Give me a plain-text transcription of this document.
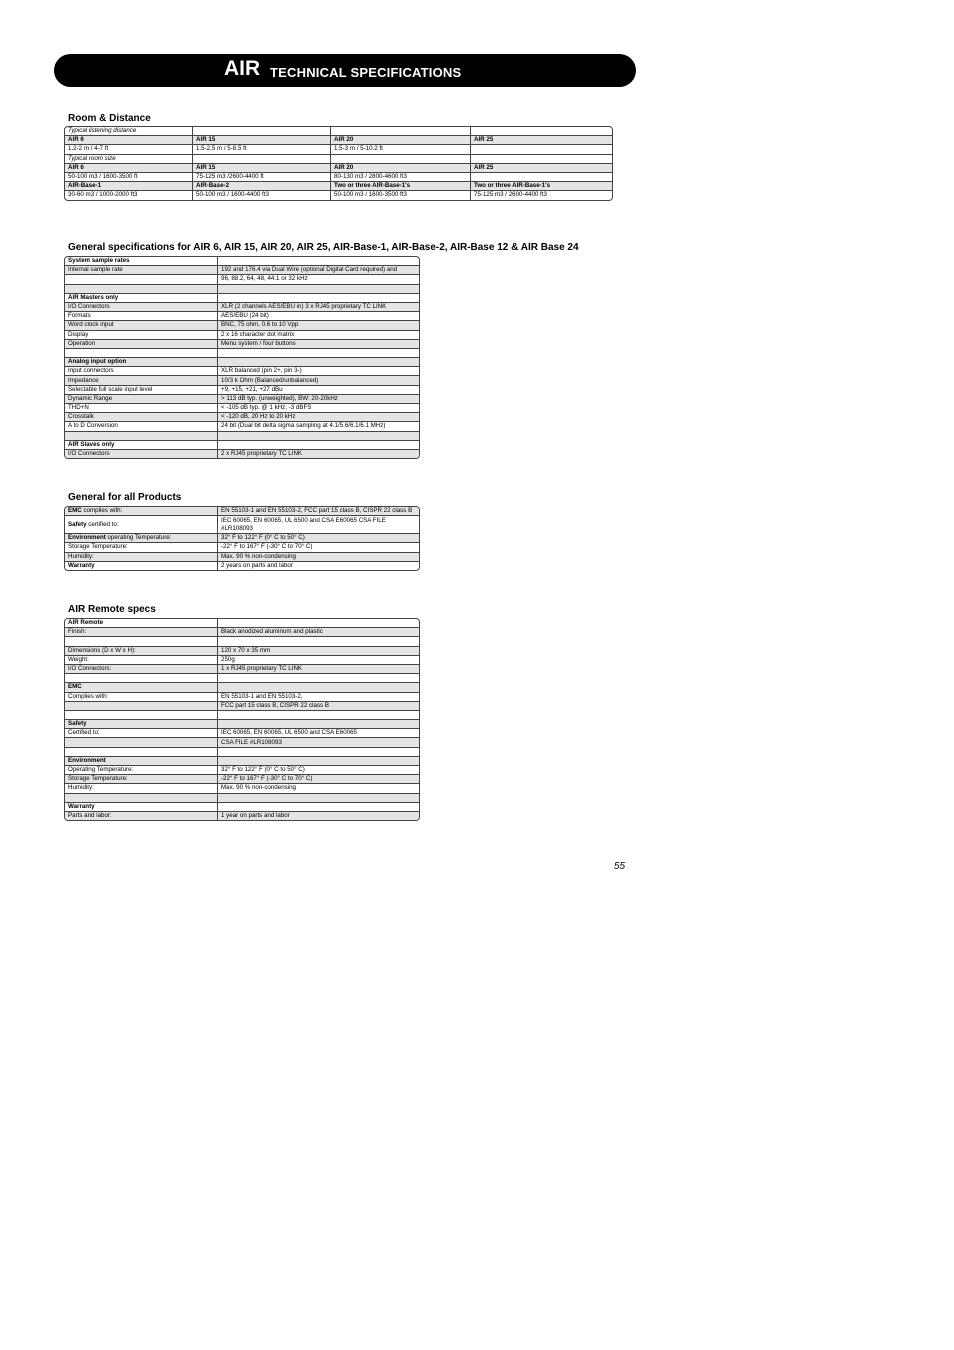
AIR TECHNICAL SPECIFICATIONS
Room & Distance
Typical listening distance			
AIR 6	AIR 15	AIR 20	AIR 25
1.2-2 m / 4-7 ft	1.5-2.5 m / 5-8.5 ft	1.5-3 m / 5-10.2 ft	
Typical room size			
AIR 6	AIR 15	AIR 20	AIR 25
50-100 m3 / 1600-3500 ft	75-125 m3 /2600-4400 ft	80-130 m3 / 2800-4600 ft3	
AIR-Base-1	AIR-Base-2	Two or three AIR-Base-1's	Two or three AIR-Base-1's
30-60 m3 / 1000-2000 ft3	50-100 m3 / 1600-4400 ft3	50-100 m3 / 1600-3500 ft3	75-125 m3 / 2600-4400 ft3
General specifications for AIR 6, AIR 15, AIR 20, AIR 25, AIR-Base-1, AIR-Base-2, AIR-Base 12 & AIR Base 24
System sample rates	
Internal sample rate	192 and 176.4 via Dual Wire (optional Digital Card required) and
	96, 88.2, 64, 48, 44.1 or 32 kHz

AIR Masters only	
I/O Connectors	XLR (2 channels AES/EBU in) 3 x RJ45 proprietary TC LINK
Formats	AES/EBU (24 bit)
Word clock input	BNC, 75 ohm, 0.6 to 10 Vpp
Display	2 x 16 character dot matrix
Operation	Menu system / four buttons

Analog input option	
Input connectors	XLR balanced (pin 2+, pin 3-)
Impedance	10/3 k Ohm (Balanced/unbalanced)
Selectable full scale input level	+9, +15, +21, +27 dBu
Dynamic Range	> 113 dB typ. (unweighted), BW: 20-20kHz
THD+N	< -105 dB typ. @ 1 kHz, -3 dBFS
Crosstalk	< -120 dB, 20 Hz to 20 kHz
A to D Conversion	24 bit (Dual bit delta sigma sampling at 4.1/5.6/6.1/6.1 MHz)

AIR Slaves only	
I/O Connectors	2 x RJ45 proprietary TC LINK
General for all Products
EMC complies with:	EN 55103-1 and EN 55103-2, FCC part 15 class B, CISPR 22 class B
Safety certified to:	IEC 60065, EN 60065, UL 6500 and CSA E60065 CSA FILE #LR108093
Environment operating Temperature:	32° F to 122° F (0° C to 50° C)
Storage Temperature:	-22° F to 167° F (-30° C to 70° C)
Humidity:	Max. 90 % non-condensing
Warranty	2 years on parts and labor
AIR Remote specs
AIR Remote	
Finish:	Black anodized aluminum and plastic

Dimensions (D x W x H):	120 x 70 x 35 mm
Weight:	250g
I/O Connectors:	1 x RJ45 proprietary TC LINK

EMC	
Complies with:	EN 55103-1 and EN 55103-2,
	FCC part 15 class B, CISPR 22 class B

Safety	
Certified to:	IEC 60065, EN 60065, UL 6500 and CSA E60065
	CSA FILE #LR108093

Environment	
Operating Temperature:	32° F to 122° F (0° C to 50° C)
Storage Temperature:	-22° F to 167° F (-30° C to 70° C)
Humidity:	Max. 90 % non-condensing

Warranty	
Parts and labor:	1 year on parts and labor
55
